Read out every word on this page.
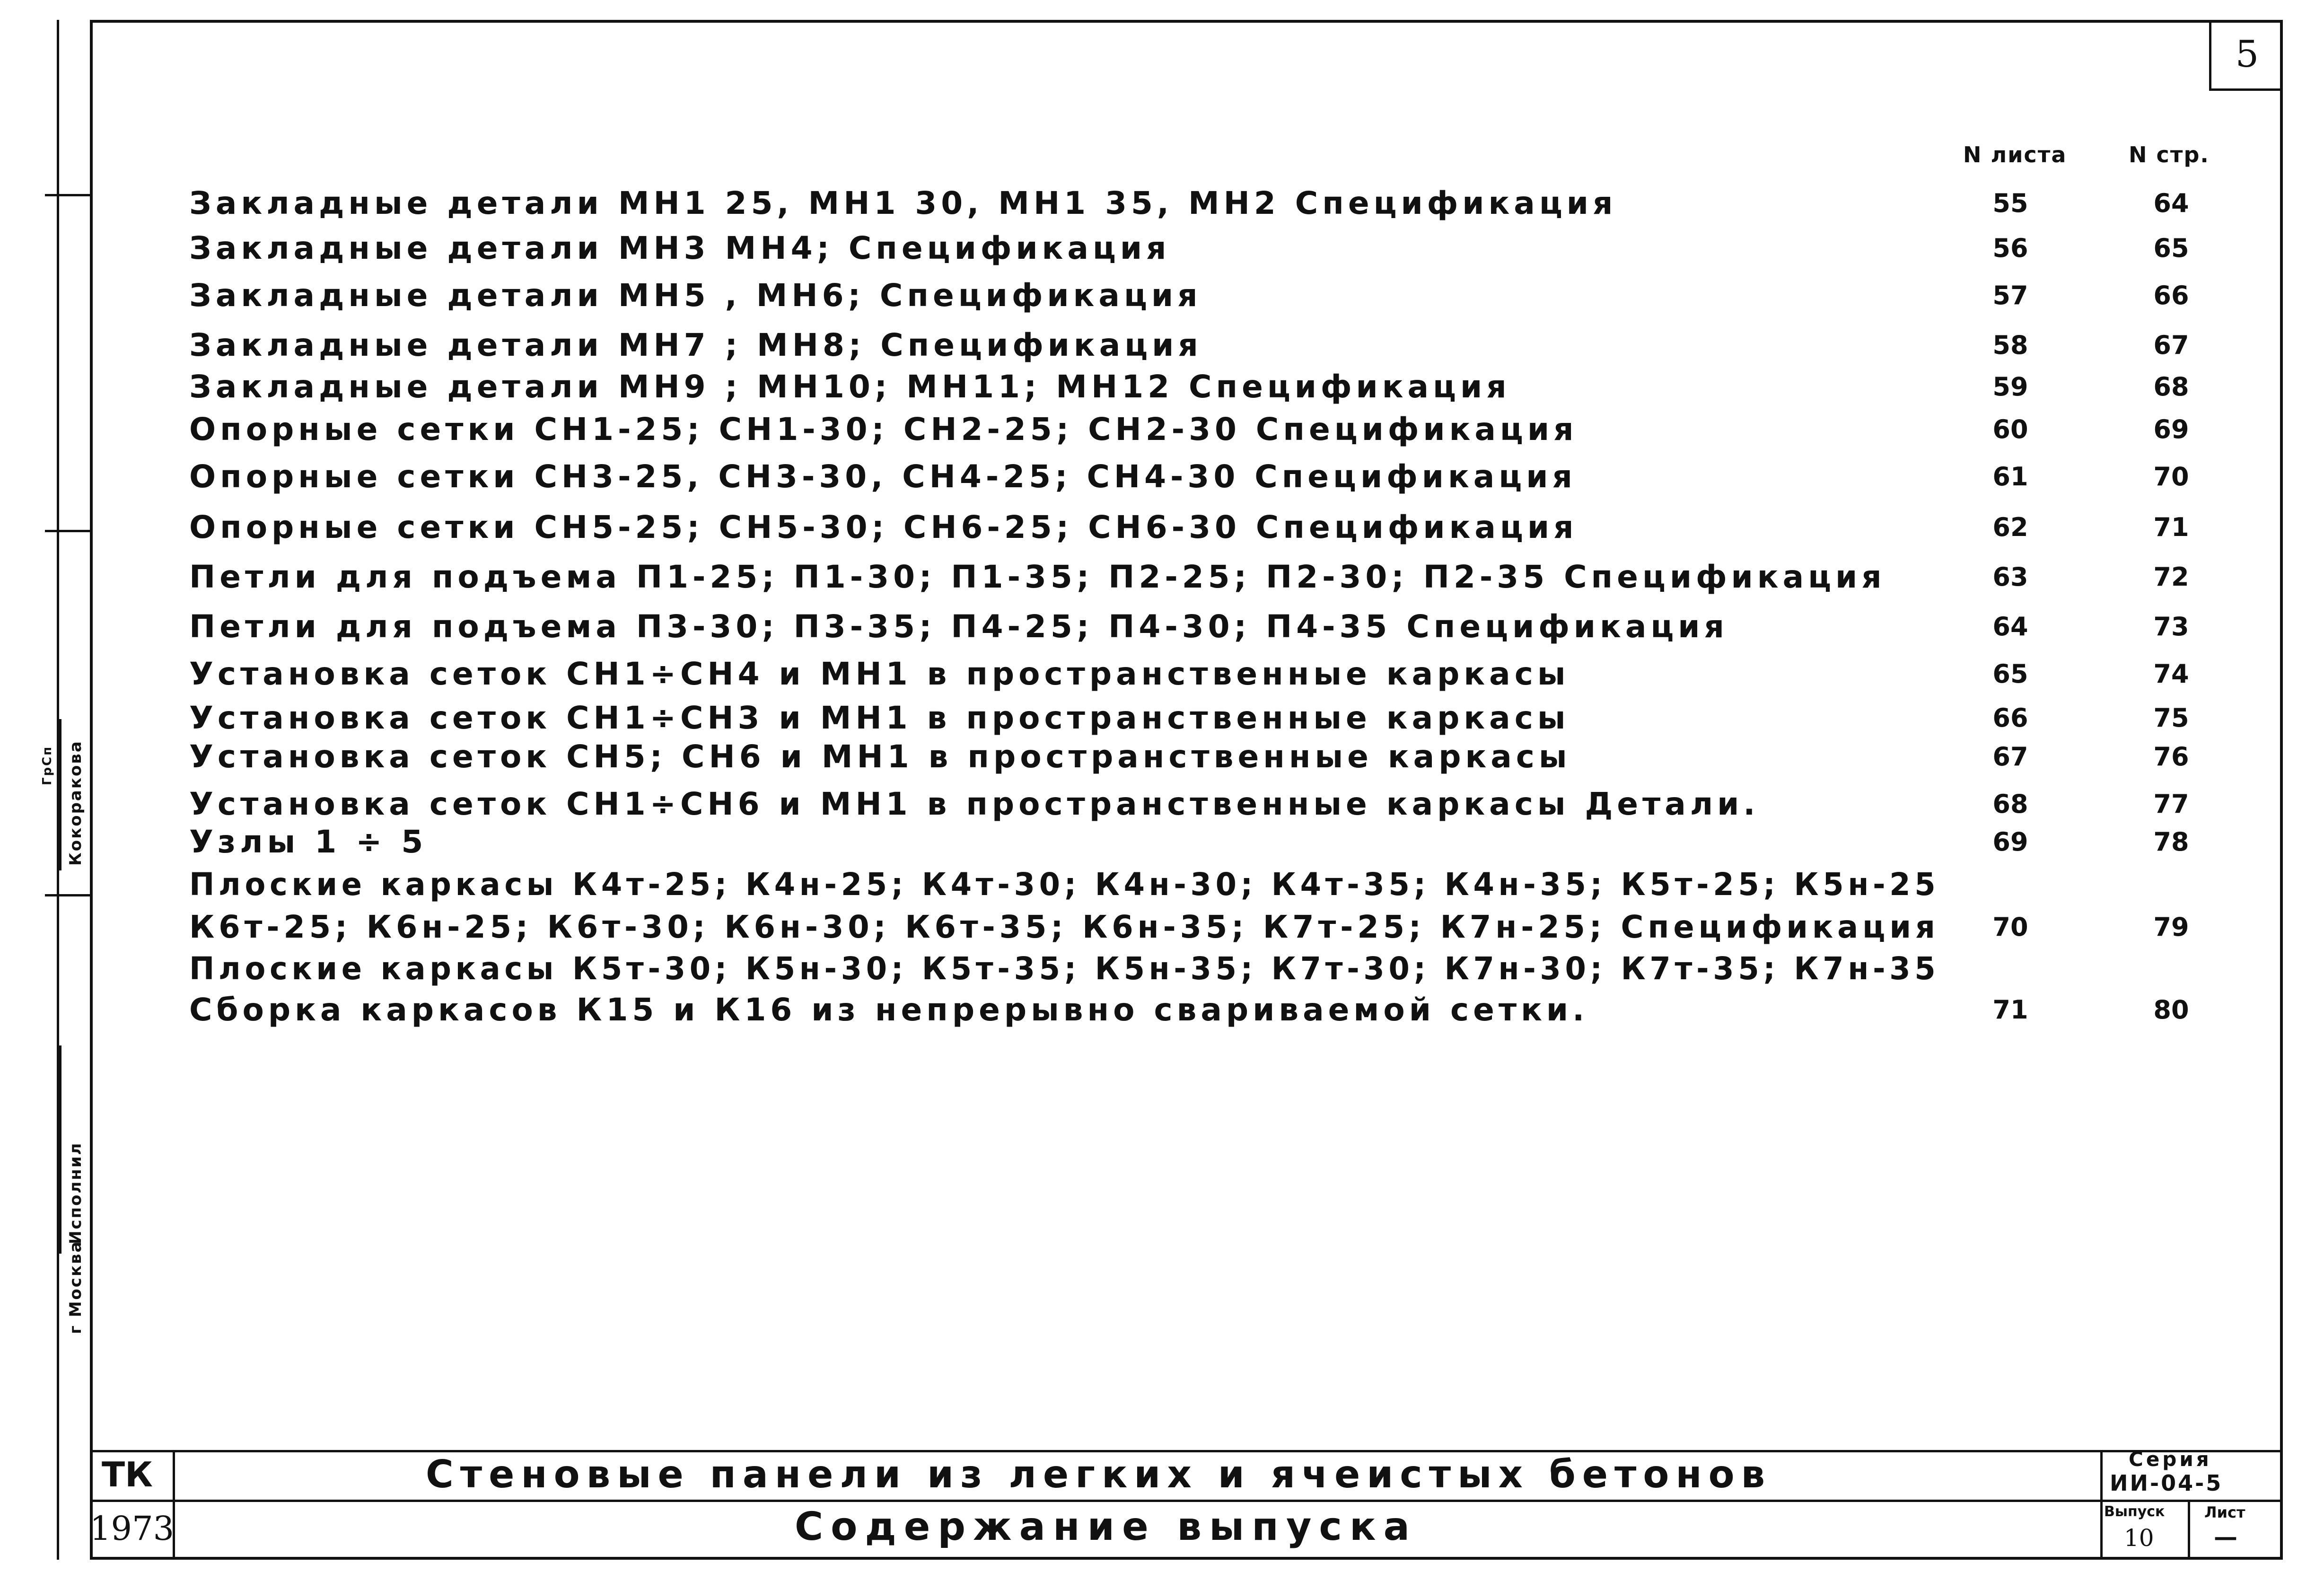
5
N листа	N стр.
Закладные детали МН1 25, МН1 30, МН1 35, МН2 Спецификация	55	64
Закладные детали МН3 МН4; Спецификация	56	65
Закладные детали МН5 , МН6; Спецификация	57	66
Закладные детали МН7 ; МН8; Спецификация	58	67
Закладные детали МН9 ; МН10; МН11; МН12 Спецификация	59	68
Опорные сетки СН1-25; СН1-30; СН2-25; СН2-30 Спецификация	60	69
Опорные сетки СН3-25, СН3-30, СН4-25; СН4-30 Спецификация	61	70
Опорные сетки СН5-25; СН5-30; СН6-25; СН6-30 Спецификация	62	71
Петли для подъема П1-25; П1-30; П1-35; П2-25; П2-30; П2-35 Спецификация	63	72
Петли для подъема П3-30; П3-35; П4-25; П4-30; П4-35 Спецификация	64	73
Установка сеток СН1÷СН4 и МН1 в пространственные каркасы	65	74
Установка сеток СН1÷СН3 и МН1 в пространственные каркасы	66	75
Установка сеток СН5; СН6 и МН1 в пространственные каркасы	67	76
Установка сеток СН1÷СН6 и МН1 в пространственные каркасы Детали.	68	77
Узлы 1 ÷ 5	69	78
Плоские каркасы К4т-25; К4н-25; К4т-30; К4н-30; К4т-35; К4н-35; К5т-25; К5н-25
К6т-25; К6н-25; К6т-30; К6н-30; К6т-35; К6н-35; К7т-25; К7н-25; Спецификация	70	79
Плоские каркасы К5т-30; К5н-30; К5т-35; К5н-35; К7т-30; К7н-30; К7т-35; К7н-35
Сборка каркасов К15 и К16 из непрерывно свариваемой сетки.	71	80
г Москва
Исполнил
Кокоракова
ГрСп
ТК
1973
Стеновые панели из легких и ячеистых бетонов
Содержание выпуска
Серия
ИИ-04-5
Выпуск
10
Лист
—
